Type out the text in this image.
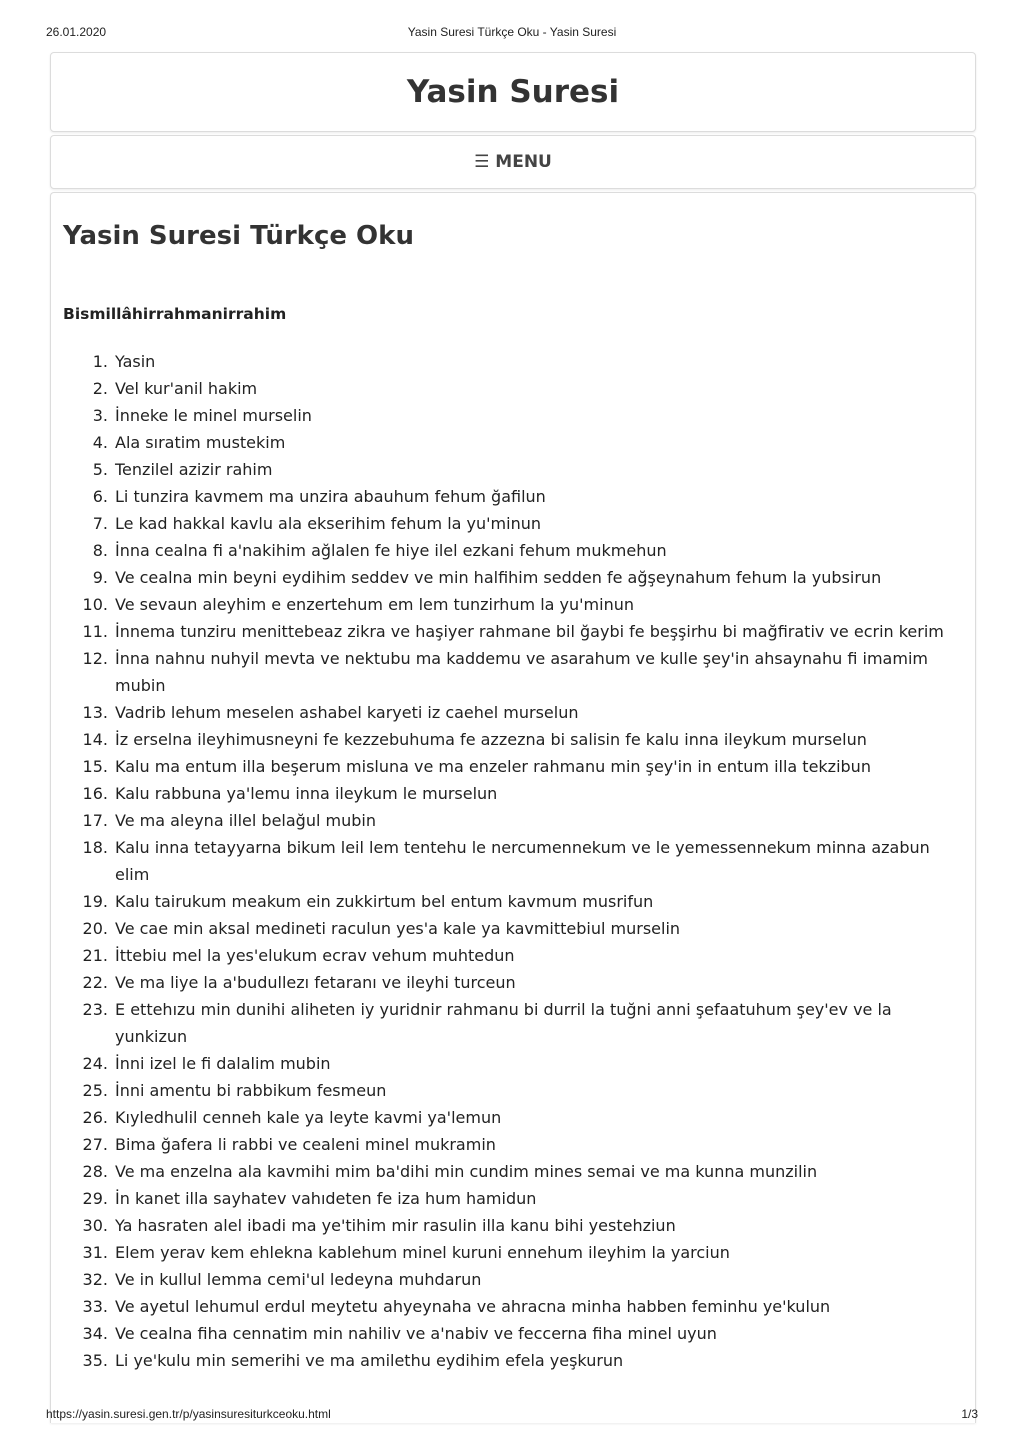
26.01.2020	Yasin Suresi Türkçe Oku - Yasin Suresi
Yasin Suresi
☰ MENU
Yasin Suresi Türkçe Oku

Bismillâhirrahmanirrahim

1. Yasin
2. Vel kur'anil hakim
3. İnneke le minel murselin
4. Ala sıratim mustekim
5. Tenzilel azizir rahim
6. Li tunzira kavmem ma unzira abauhum fehum ğafilun
7. Le kad hakkal kavlu ala ekserihim fehum la yu'minun
8. İnna cealna fi a'nakihim ağlalen fe hiye ilel ezkani fehum mukmehun
9. Ve cealna min beyni eydihim seddev ve min halfihim sedden fe ağşeynahum fehum la yubsirun
10. Ve sevaun aleyhim e enzertehum em lem tunzirhum la yu'minun
11. İnnema tunziru menittebeaz zikra ve haşiyer rahmane bil ğaybi fe beşşirhu bi mağfirativ ve ecrin kerim
12. İnna nahnu nuhyil mevta ve nektubu ma kaddemu ve asarahum ve kulle şey'in ahsaynahu fi imamim mubin
13. Vadrib lehum meselen ashabel karyeti iz caehel murselun
14. İz erselna ileyhimusneyni fe kezzebuhuma fe azzezna bi salisin fe kalu inna ileykum murselun
15. Kalu ma entum illa beşerum misluna ve ma enzeler rahmanu min şey'in in entum illa tekzibun
16. Kalu rabbuna ya'lemu inna ileykum le murselun
17. Ve ma aleyna illel belağul mubin
18. Kalu inna tetayyarna bikum leil lem tentehu le nercumennekum ve le yemessennekum minna azabun elim
19. Kalu tairukum meakum ein zukkirtum bel entum kavmum musrifun
20. Ve cae min aksal medineti raculun yes'a kale ya kavmittebiul murselin
21. İttebiu mel la yes'elukum ecrav vehum muhtedun
22. Ve ma liye la a'budullezı fetaranı ve ileyhi turceun
23. E ettehızu min dunihi aliheten iy yuridnir rahmanu bi durril la tuğni anni şefaatuhum şey'ev ve la yunkizun
24. İnni izel le fi dalalim mubin
25. İnni amentu bi rabbikum fesmeun
26. Kıyledhulil cenneh kale ya leyte kavmi ya'lemun
27. Bima ğafera li rabbi ve cealeni minel mukramin
28. Ve ma enzelna ala kavmihi mim ba'dihi min cundim mines semai ve ma kunna munzilin
29. İn kanet illa sayhatev vahıdeten fe iza hum hamidun
30. Ya hasraten alel ibadi ma ye'tihim mir rasulin illa kanu bihi yestehziun
31. Elem yerav kem ehlekna kablehum minel kuruni ennehum ileyhim la yarciun
32. Ve in kullul lemma cemi'ul ledeyna muhdarun
33. Ve ayetul lehumul erdul meytetu ahyeynaha ve ahracna minha habben feminhu ye'kulun
34. Ve cealna fiha cennatim min nahiliv ve a'nabiv ve feccerna fiha minel uyun
35. Li ye'kulu min semerihi ve ma amilethu eydihim efela yeşkurun
https://yasin.suresi.gen.tr/p/yasinsuresiturkceoku.html	1/3
